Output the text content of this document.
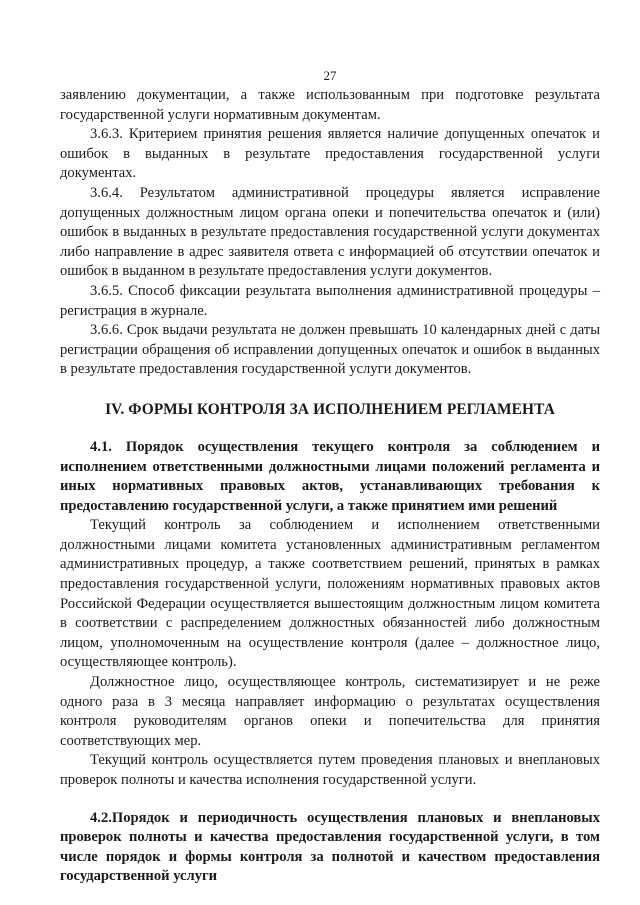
27

заявлению документации, а также использованным при подготовке результата государственной услуги нормативным документам.

3.6.3. Критерием принятия решения является наличие допущенных опечаток и ошибок в выданных в результате предоставления государственной услуги документах.

3.6.4. Результатом административной процедуры является исправление допущенных должностным лицом органа опеки и попечительства опечаток и (или) ошибок в выданных в результате предоставления государственной услуги документах либо направление в адрес заявителя ответа с информацией об отсутствии опечаток и ошибок в выданном в результате предоставления услуги документов.

3.6.5. Способ фиксации результата выполнения административной процедуры – регистрация в журнале.

3.6.6. Срок выдачи результата не должен превышать 10 календарных дней с даты регистрации обращения об исправлении допущенных опечаток и ошибок в выданных в результате предоставления государственной услуги документов.

IV. ФОРМЫ КОНТРОЛЯ ЗА ИСПОЛНЕНИЕМ РЕГЛАМЕНТА

4.1. Порядок осуществления текущего контроля за соблюдением и исполнением ответственными должностными лицами положений регламента и иных нормативных правовых актов, устанавливающих требования к предоставлению государственной услуги, а также принятием ими решений

Текущий контроль за соблюдением и исполнением ответственными должностными лицами комитета установленных административным регламентом административных процедур, а также соответствием решений, принятых в рамках предоставления государственной услуги, положениям нормативных правовых актов Российской Федерации осуществляется вышестоящим должностным лицом комитета в соответствии с распределением должностных обязанностей либо должностным лицом, уполномоченным на осуществление контроля (далее – должностное лицо, осуществляющее контроль).

Должностное лицо, осуществляющее контроль, систематизирует и не реже одного раза в 3 месяца направляет информацию о результатах осуществления контроля руководителям органов опеки и попечительства для принятия соответствующих мер.

Текущий контроль осуществляется путем проведения плановых и внеплановых проверок полноты и качества исполнения государственной услуги.

4.2.Порядок и периодичность осуществления плановых и внеплановых проверок полноты и качества предоставления государственной услуги, в том числе порядок и формы контроля за полнотой и качеством предоставления государственной услуги
